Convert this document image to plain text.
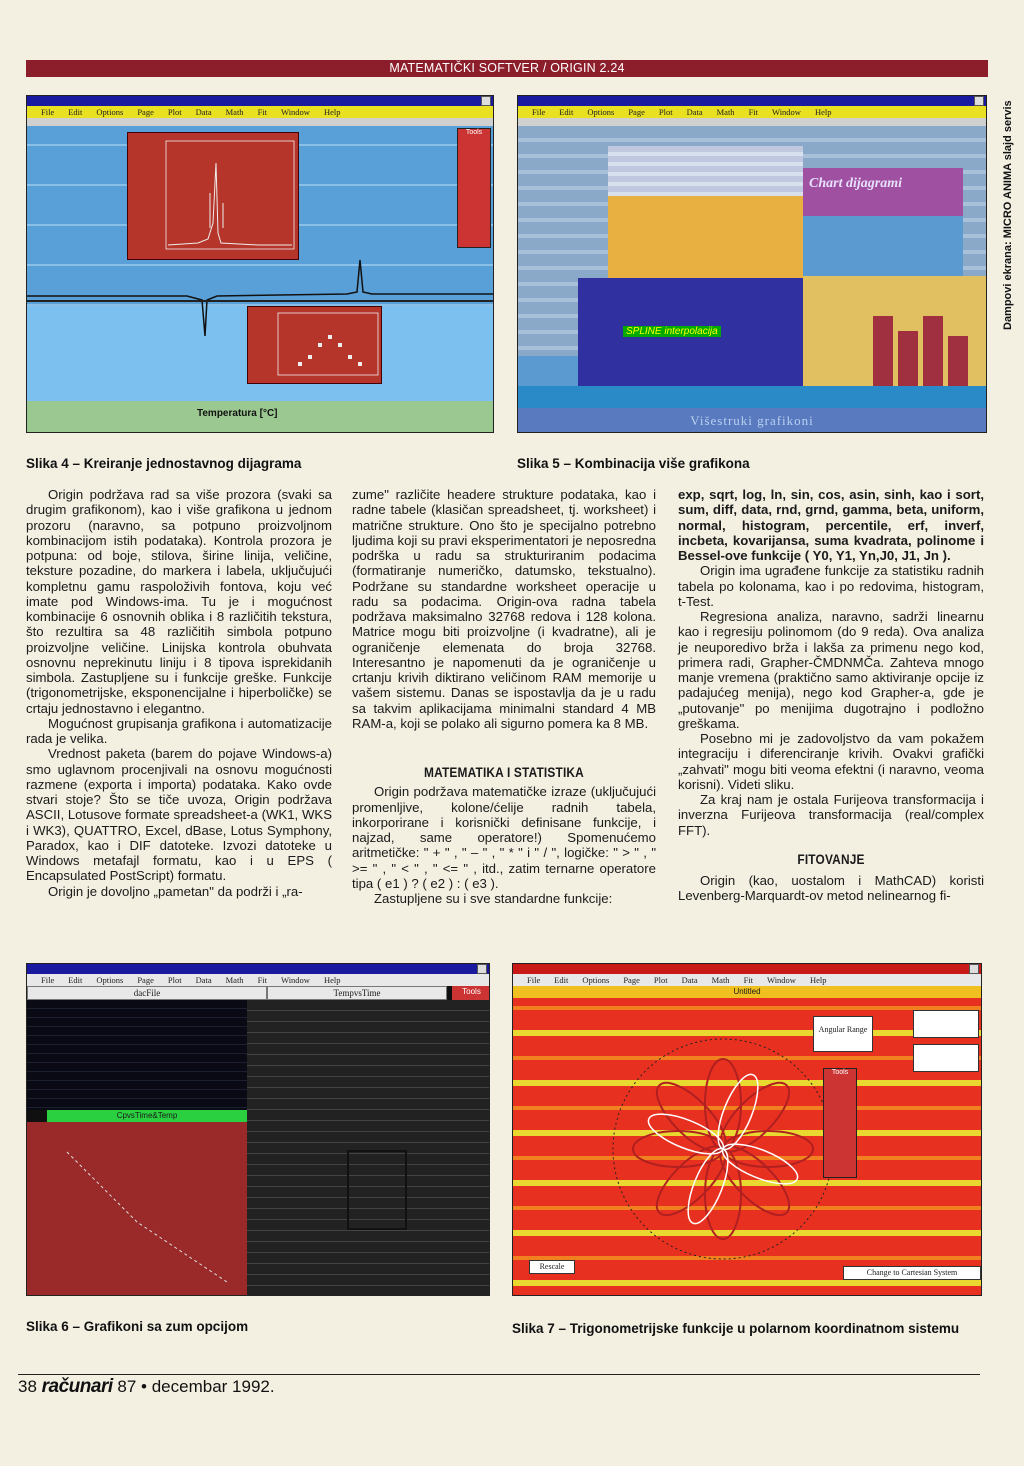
MATEMATIČKI SOFTVER / ORIGIN 2.24
File Edit Options Page Plot Data Math Fit Window Help
Tools
Temperatura [°C]
Slika 4 – Kreiranje jednostavnog dijagrama
File Edit Options Page Plot Data Math Fit Window Help
SPLINE interpolacija
Chart dijagrami
Višestruki grafikoni
Slika 5 – Kombinacija više grafikona
Dampovi ekrana: MICRO ANIMA slajd servis

Origin podržava rad sa više prozora (svaki sa drugim grafikonom), kao i više grafikona u jednom prozoru (naravno, sa potpuno proizvoljnom kombinacijom istih podataka). Kontrola prozora je potpuna: od boje, stilova, širine linija, veličine, teksture pozadine, do markera i labela, uključujući kompletnu gamu raspoloživih fontova, koju već imate pod Windows-ima. Tu je i mogućnost kombinacije 6 osnovnih oblika i 8 različitih tekstura, što rezultira sa 48 različitih simbola potpuno proizvoljne veličine. Linijska kontrola obuhvata osnovnu neprekinutu liniju i 8 tipova isprekidanih simbola. Zastupljene su i funkcije greške. Funkcije (trigonometrijske, eksponencijalne i hiperboličke) se crtaju jednostavno i elegantno.

Mogućnost grupisanja grafikona i automatizacije rada je velika.

Vrednost paketa (barem do pojave Windows-a) smo uglavnom procenjivali na osnovu mogućnosti razmene (exporta i importa) podataka. Kako ovde stvari stoje? Što se tiče uvoza, Origin podržava ASCII, Lotusove formate spreadsheet-a (WK1, WKS i WK3), QUATTRO, Excel, dBase, Lotus Symphony, Paradox, kao i DIF datoteke. Izvozi datoteke u Windows metafajl formatu, kao i u EPS ( Encapsulated PostScript) formatu.

Origin je dovoljno „pametan" da podrži i „ra-

zume" različite headere strukture podataka, kao i radne tabele (klasičan spreadsheet, tj. worksheet) i matrične strukture. Ono što je specijalno potrebno ljudima koji su pravi eksperimentatori je neposredna podrška u radu sa strukturiranim podacima (formatiranje numeričko, datumsko, tekstualno). Podržane su standardne worksheet operacije u radu sa podacima. Origin-ova radna tabela podržava maksimalno 32768 redova i 128 kolona. Matrice mogu biti proizvoljne (i kvadratne), ali je ograničenje elemenata do broja 32768. Interesantno je napomenuti da je ograničenje u crtanju krivih diktirano veličinom RAM memorije u vašem sistemu. Danas se ispostavlja da je u radu sa takvim aplikacijama minimalni standard 4 MB RAM-a, koji se polako ali sigurno pomera ka 8 MB.

MATEMATIKA I STATISTIKA

Origin podržava matematičke izraze (uključujući promenljive, kolone/ćelije radnih tabela, inkorporirane i korisnički definisane funkcije, i najzad, same operatore!) Spomenućemo aritmetičke: " + " , " – " , " * " i " / ", logičke: " > " , " >= " , " < " , " <= " , itd., zatim ternarne operatore tipa ( e1 ) ? ( e2 ) : ( e3 ).

Zastupljene su i sve standardne funkcije:

exp, sqrt, log, ln, sin, cos, asin, sinh, kao i sort, sum, diff, data, rnd, grnd, gamma, beta, uniform, normal, histogram, percentile, erf, inverf, incbeta, kovarijansa, suma kvadrata, polinome i Bessel-ove funkcije ( Y0, Y1, Yn,J0, J1, Jn ).

Origin ima ugrađene funkcije za statistiku radnih tabela po kolonama, kao i po redovima, histogram, t-Test.

Regresiona analiza, naravno, sadrži linearnu kao i regresiju polinomom (do 9 reda). Ova analiza je neuporedivo brža i lakša za primenu nego kod, primera radi, Grapher-ČMDNMČa. Zahteva mnogo manje vremena (praktično samo aktiviranje opcije iz padajućeg menija), nego kod Grapher-a, gde je „putovanje" po menijima dugotrajno i podložno greškama.

Posebno mi je zadovoljstvo da vam pokažem integraciju i diferenciranje krivih. Ovakvi grafički „zahvati" mogu biti veoma efektni (i naravno, veoma korisni). Videti sliku.

Za kraj nam je ostala Furijeova transformacija i inverzna Furijeova transformacija (real/complex FFT).

FITOVANJE

Origin (kao, uostalom i MathCAD) koristi Levenberg-Marquardt-ov metod nelinearnog fi-

File Edit Options Page Plot Data Math Fit Window Help
dacFile	TempvsTime	Tools
CpvsTime&Temp
Slika 6 – Grafikoni sa zum opcijom
File Edit Options Page Plot Data Math Fit Window Help
Untitled
Angular Range
Tools
Rescale
Change to Cartesian System
Slika 7 – Trigonometrijske funkcije u polarnom koordinatnom sistemu
38 računari 87 • decembar 1992.
